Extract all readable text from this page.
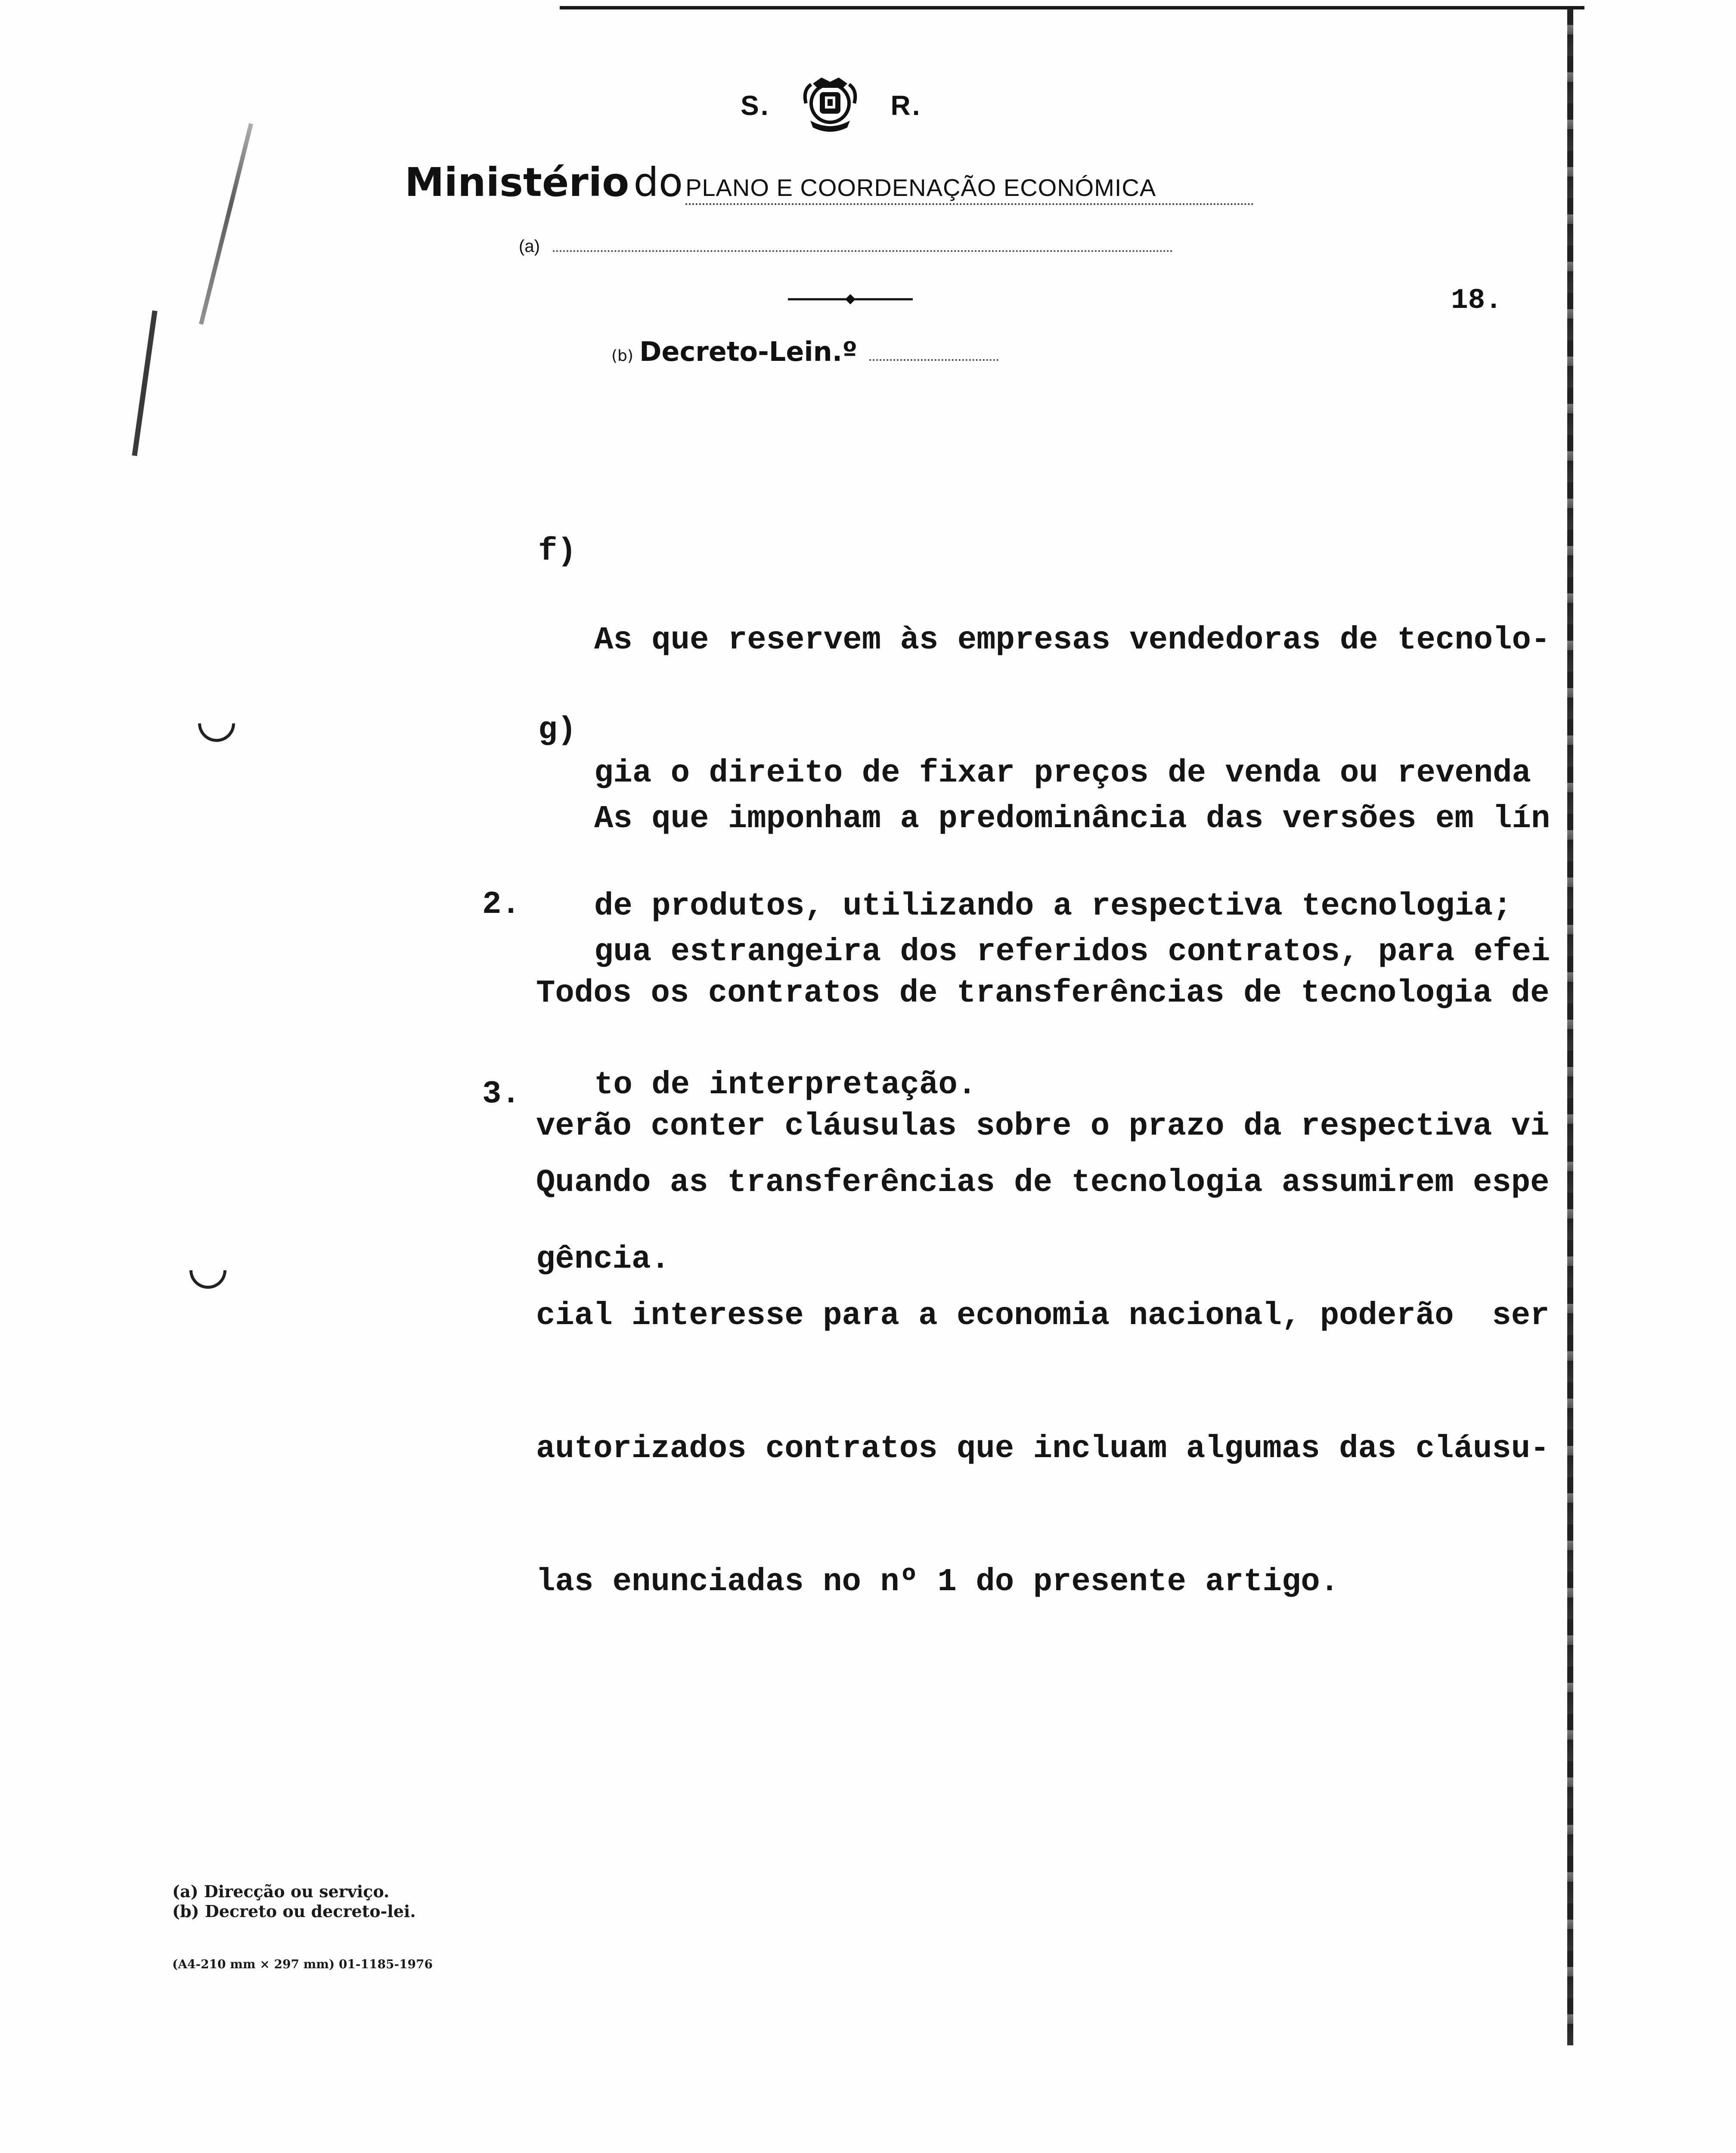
S.	R.
Ministério do PLANO E COORDENAÇÃO ECONÓMICA
(a)
(b) Decreto-Lein.º
18.

f)

As que reservem às empresas vendedoras de tecnolo-

gia o direito de fixar preços de venda ou revenda

de produtos, utilizando a respectiva tecnologia;

g)

As que imponham a predominância das versões em lín

gua estrangeira dos referidos contratos, para efei

to de interpretação.

2.

Todos os contratos de transferências de tecnologia de

verão conter cláusulas sobre o prazo da respectiva vi

gência.

3.

Quando as transferências de tecnologia assumirem espe

cial interesse para a economia nacional, poderão  ser

autorizados contratos que incluam algumas das cláusu-

las enunciadas no nº 1 do presente artigo.

(a) Direcção ou serviço.
(b) Decreto ou decreto-lei.
(A4-210 mm × 297 mm) 01-1185-1976
